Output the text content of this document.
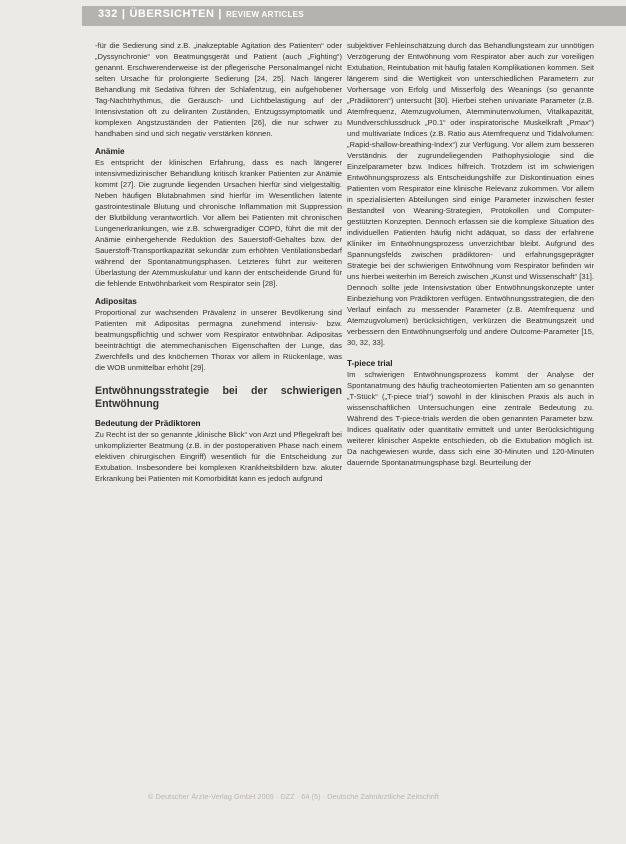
332 | ÜBERSICHTEN | REVIEW ARTICLES

-für die Sedierung sind z.B. „inakzeptable Agitation des Patienten“ oder „Dyssynchronie“ von Beatmungsgerät und Patient (auch „Fighting“) genannt. Erschwerenderweise ist der pflegerische Personalmangel nicht selten Ursache für prolongierte Sedierung [24, 25]. Nach längerer Behandlung mit Sedativa führen der Schlafentzug, ein aufgehobener Tag-Nachtrhythmus, die Geräusch- und Lichtbelastigung auf der Intensivstation oft zu deliranten Zuständen, Entzugssymptomatik und komplexen Angstzuständen der Patienten [26], die nur schwer zu handhaben sind und sich negativ verstärken können.

Anämie

Es entspricht der klinischen Erfahrung, dass es nach längerer intensivmedizinischer Behandlung kritisch kranker Patienten zur Anämie kommt [27]. Die zugrunde liegenden Ursachen hierfür sind vielgestaltig. Neben häufigen Blutabnahmen sind hierfür im Wesentlichen latente gastrointestinale Blutung und chronische Inflammation mit Suppression der Blutbildung verantwortlich. Vor allem bei Patienten mit chronischen Lungenerkrankungen, wie z.B. schwergradiger COPD, führt die mit der Anämie einhergehende Reduktion des Sauerstoff-Gehaltes bzw. der Sauerstoff-Transportkapazität sekundär zum erhöhten Ventilationsbedarf während der Spontanatmungsphasen. Letzteres führt zur weiteren Überlastung der Atemmuskulatur und kann der entscheidende Grund für die fehlende Entwöhnbarkeit vom Respirator sein [28].

Adipositas

Proportional zur wachsenden Prävalenz in unserer Bevölkerung sind Patienten mit Adipositas permagna zunehmend intensiv- bzw. beatmungspflichtig und schwer vom Respirator entwöhnbar. Adipositas beeinträchtigt die atemmechanischen Eigenschaften der Lunge, das Zwerchfells und des knöchernen Thorax vor allem in Rückenlage, was die WOB unmittelbar erhöht [29].

Entwöhnungsstrategie bei der schwierigen Entwöhnung
Bedeutung der Prädiktoren

Zu Recht ist der so genannte „klinische Blick“ von Arzt und Pflegekraft bei unkomplizierter Beatmung (z.B. in der postoperativen Phase nach einem elektiven chirurgischen Eingriff) wesentlich für die Entscheidung zur Extubation. Insbesondere bei komplexen Krankheitsbildern bzw. akuter Erkrankung bei Patienten mit Komorbidität kann es jedoch aufgrund

subjektiver Fehleinschätzung durch das Behandlungsteam zur unnötigen Verzögerung der Entwöhnung vom Respirator aber auch zur voreiligen Extubation, Reintubation mit häufig fatalen Komplikationen kommen. Seit längerem sind die Wertigkeit von unterschiedlichen Parametern zur Vorhersage von Erfolg und Misserfolg des Weanings (so genannte „Prädiktoren“) untersucht [30]. Hierbei stehen univariate Parameter (z.B. Atemfrequenz, Atemzugvolumen, Atemminutenvolumen, Vitalkapazität, Mundverschlussdruck „P0.1“ oder inspiratorische Muskelkraft „Pmax“) und multivariate Indices (z.B. Ratio aus Atemfrequenz und Tidalvolumen: „Rapid-shallow-breathing-Index“) zur Verfügung. Vor allem zum besseren Verständnis der zugrundeliegenden Pathophysiologie sind die Einzelparameter bzw. Indices hilfreich. Trotzdem ist im schwierigen Entwöhnungsprozess als Entscheidungshilfe zur Diskontinuation eines Patienten vom Respirator eine klinische Relevanz zukommen. Vor allem in spezialisierten Abteilungen sind einige Parameter inzwischen fester Bestandteil von Weaning-Strategien, Protokollen und Computer-gestützten Konzepten. Dennoch erfassen sie die komplexe Situation des individuellen Patienten häufig nicht adäquat, so dass der erfahrene Kliniker im Entwöhnungsprozess unverzichtbar bleibt. Aufgrund des Spannungsfelds zwischen prädiktoren- und erfahrungsgeprägter Strategie bei der schwierigen Entwöhnung vom Respirator befinden wir uns hierbei weiterhin im Bereich zwischen „Kunst und Wissenschaft“ [31]. Dennoch sollte jede Intensivstation über Entwöhnungskonzepte unter Einbeziehung von Prädiktoren verfügen. Entwöhnungsstrategien, die den Verlauf einfach zu messender Parameter (z.B. Atemfrequenz und Atemzugvolumen) berücksichtigen, verkürzen die Beatmungszeit und verbessern den Entwöhnungserfolg und andere Outcome-Parameter [15, 30, 32, 33].

T-piece trial

Im schwierigen Entwöhnungsprozess kommt der Analyse der Spontanatmung des häufig tracheotomierten Patienten am so genannten „T-Stück“ („T-piece trial“) sowohl in der klinischen Praxis als auch in wissenschaftlichen Untersuchungen eine zentrale Bedeutung zu. Während des T-piece-trials werden die oben genannten Parameter bzw. Indices qualitativ oder quantitativ ermittelt und unter Berücksichtigung weiterer klinischer Aspekte entschieden, ob die Extubation möglich ist. Da nachgewiesen wurde, dass sich eine 30-Minuten und 120-Minuten dauernde Spontanatmungsphase bzgl. Beurteilung der

© Deutscher Ärzte-Verlag GmbH 2009 · DZZ · 64 (5) · Deutsche Zahnärztliche Zeitschrift
